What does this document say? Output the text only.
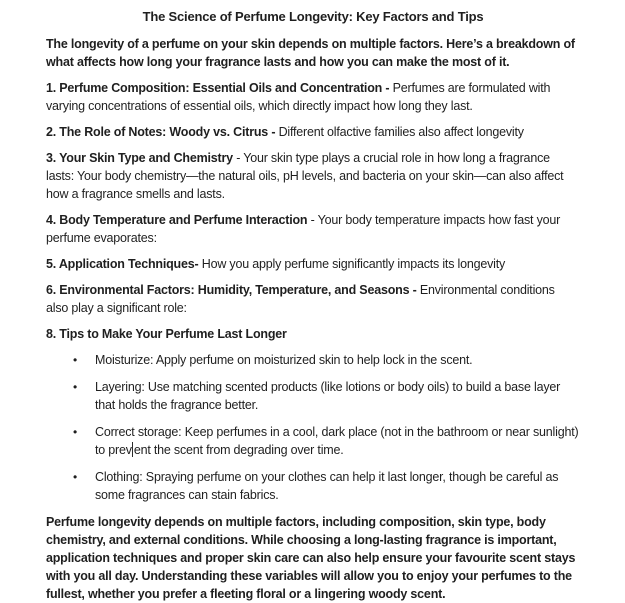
The Science of Perfume Longevity: Key Factors and Tips

The longevity of a perfume on your skin depends on multiple factors. Here’s a breakdown of what affects how long your fragrance lasts and how you can make the most of it.

1. Perfume Composition: Essential Oils and Concentration - Perfumes are formulated with varying concentrations of essential oils, which directly impact how long they last.

2. The Role of Notes: Woody vs. Citrus - Different olfactive families also affect longevity

3. Your Skin Type and Chemistry - Your skin type plays a crucial role in how long a fragrance lasts: Your body chemistry—the natural oils, pH levels, and bacteria on your skin—can also affect how a fragrance smells and lasts.

4. Body Temperature and Perfume Interaction - Your body temperature impacts how fast your perfume evaporates:

5. Application Techniques- How you apply perfume significantly impacts its longevity

6. Environmental Factors: Humidity, Temperature, and Seasons - Environmental conditions also play a significant role:

8. Tips to Make Your Perfume Last Longer

•	Moisturize: Apply perfume on moisturized skin to help lock in the scent.
•	Layering: Use matching scented products (like lotions or body oils) to build a base layer that holds the fragrance better.
•	Correct storage: Keep perfumes in a cool, dark place (not in the bathroom or near sunlight) to prev ent the scent from degrading over time.
•	Clothing: Spraying perfume on your clothes can help it last longer, though be careful as some fragrances can stain fabrics.

Perfume longevity depends on multiple factors, including composition, skin type, body chemistry, and external conditions. While choosing a long-lasting fragrance is important, application techniques and proper skin care can also help ensure your favourite scent stays with you all day. Understanding these variables will allow you to enjoy your perfumes to the fullest, whether you prefer a fleeting floral or a lingering woody scent.
